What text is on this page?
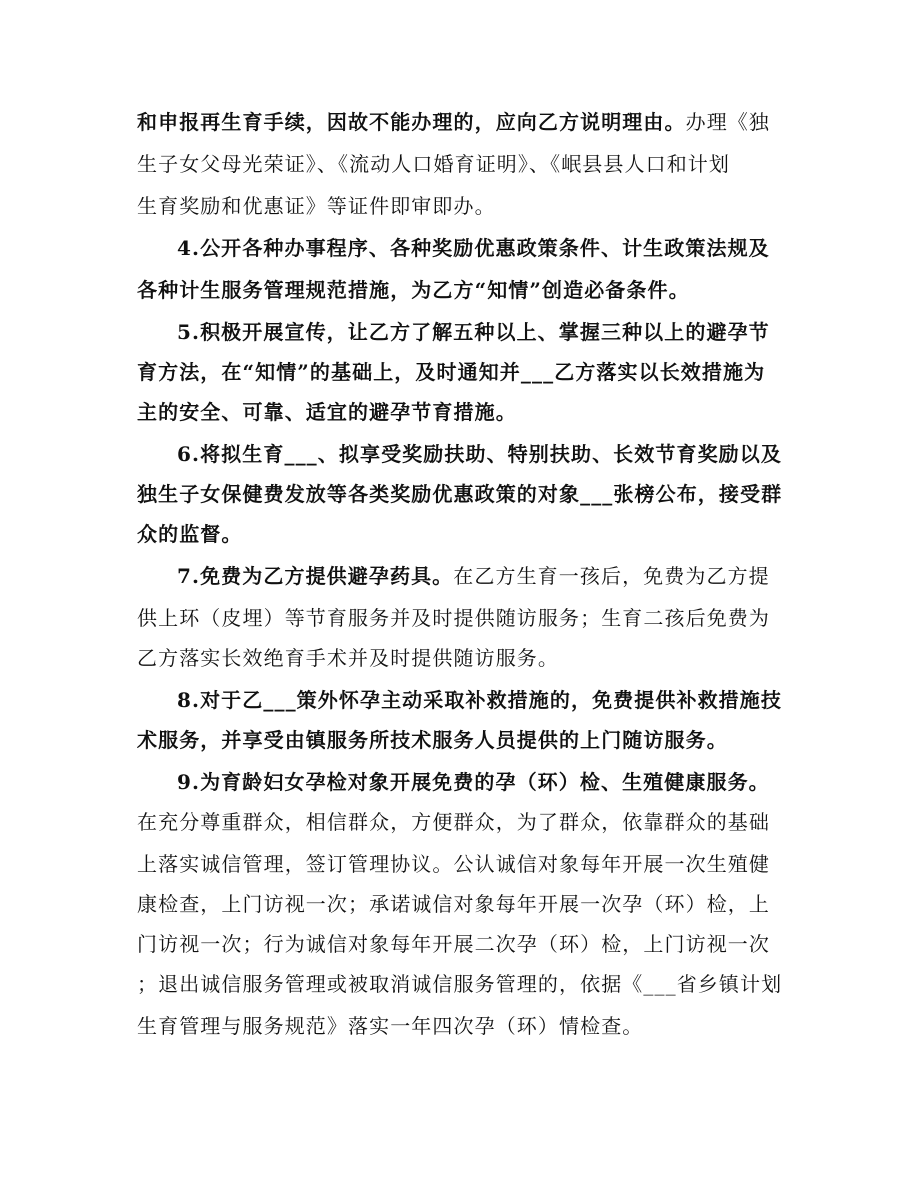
和申报再生育手续，因故不能办理的，应向乙方说明理由。办理《独
生子女父母光荣证》、《流动人口婚育证明》、《岷县县人口和计划
生育奖励和优惠证》等证件即审即办。
4.公开各种办事程序、各种奖励优惠政策条件、计生政策法规及
各种计生服务管理规范措施，为乙方“知情”创造必备条件。
5.积极开展宣传，让乙方了解五种以上、掌握三种以上的避孕节
育方法，在“知情”的基础上，及时通知并___乙方落实以长效措施为
主的安全、可靠、适宜的避孕节育措施。
6.将拟生育___、拟享受奖励扶助、特别扶助、长效节育奖励以及
独生子女保健费发放等各类奖励优惠政策的对象___张榜公布，接受群
众的监督。
7.免费为乙方提供避孕药具。在乙方生育一孩后，免费为乙方提
供上环（皮埋）等节育服务并及时提供随访服务；生育二孩后免费为
乙方落实长效绝育手术并及时提供随访服务。
8.对于乙___策外怀孕主动采取补救措施的，免费提供补救措施技
术服务，并享受由镇服务所技术服务人员提供的上门随访服务。
9.为育龄妇女孕检对象开展免费的孕（环）检、生殖健康服务。
在充分尊重群众，相信群众，方便群众，为了群众，依靠群众的基础
上落实诚信管理，签订管理协议。公认诚信对象每年开展一次生殖健
康检查，上门访视一次；承诺诚信对象每年开展一次孕（环）检，上
门访视一次；行为诚信对象每年开展二次孕（环）检，上门访视一次
；退出诚信服务管理或被取消诚信服务管理的，依据《___省乡镇计划
生育管理与服务规范》落实一年四次孕（环）情检查。
